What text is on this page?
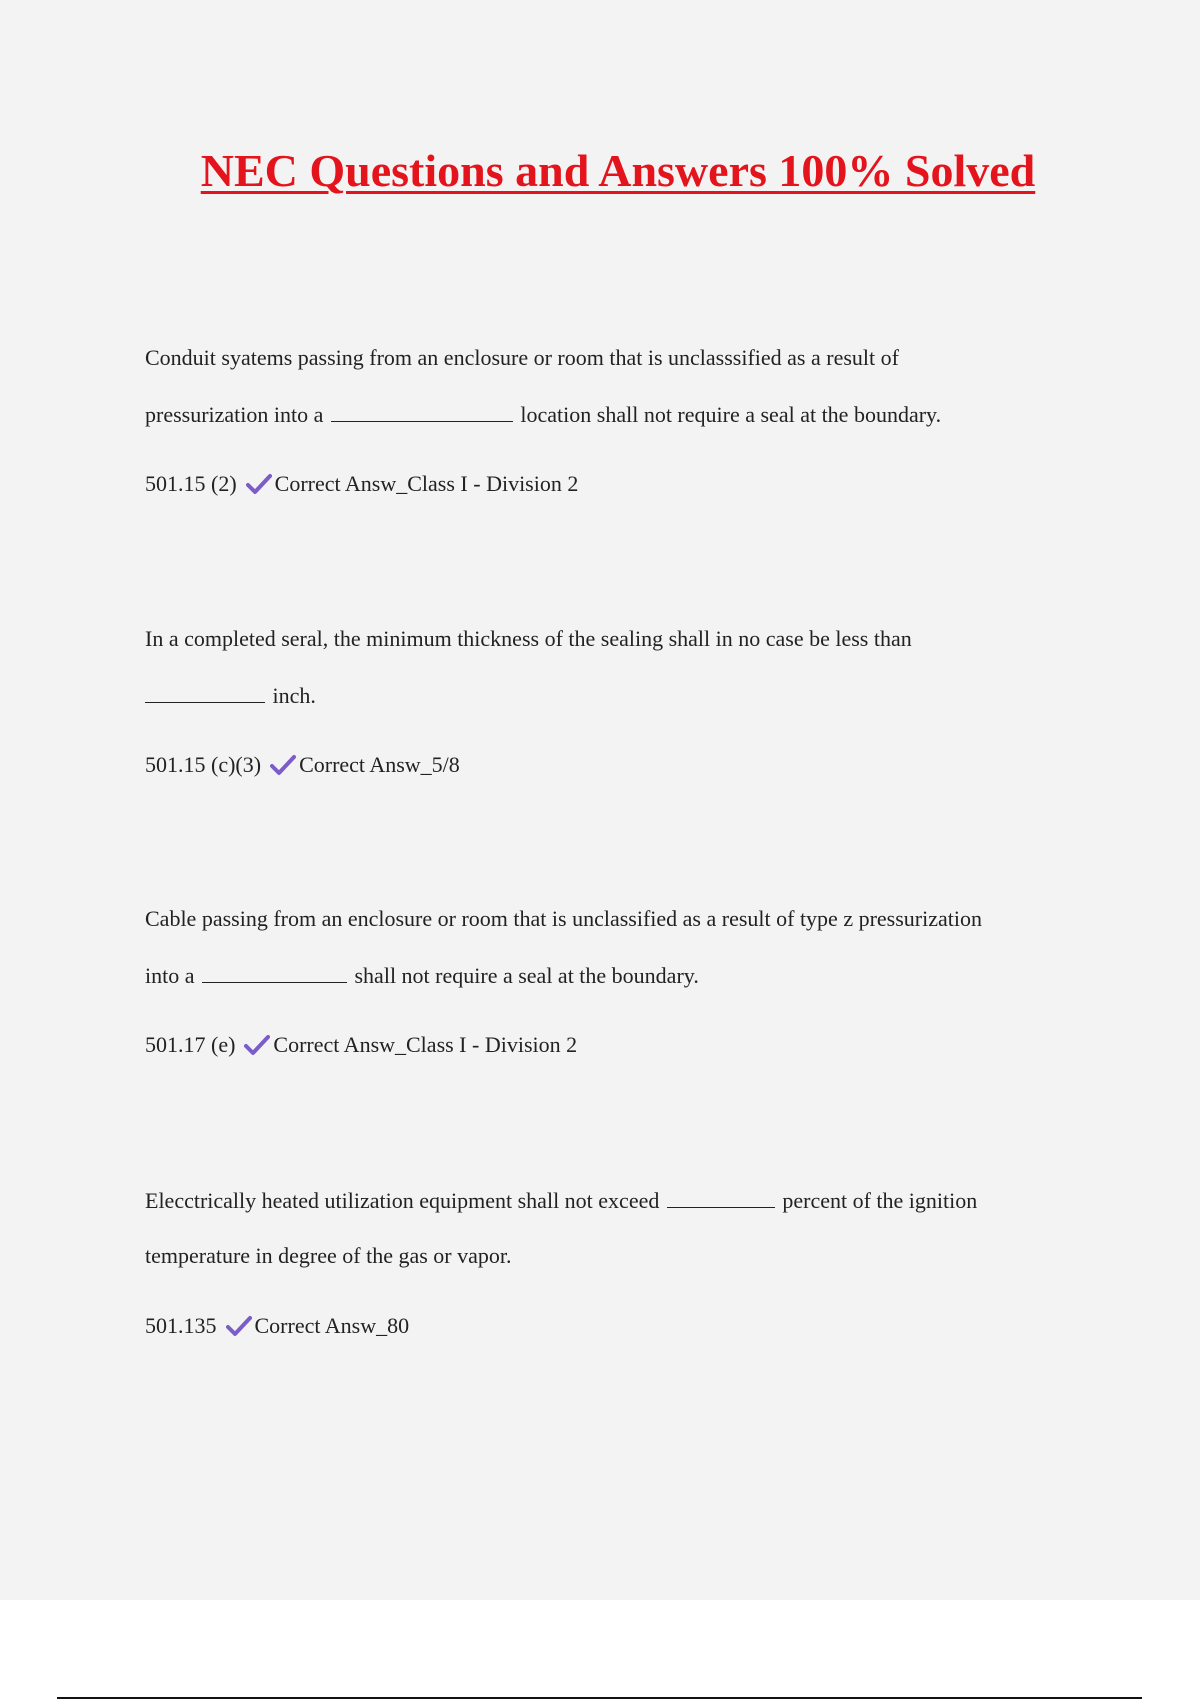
NEC Questions and Answers 100% Solved

Conduit syatems passing from an enclosure or room that is unclasssified as a result of

pressurization into a	location shall not require a seal at the boundary.

501.15 (2) Correct Answ_Class I - Division 2

In a completed seral, the minimum thickness of the sealing shall in no case be less than

inch.

501.15 (c)(3) Correct Answ_5/8

Cable passing from an enclosure or room that is unclassified as a result of type z pressurization

into a	shall not require a seal at the boundary.

501.17 (e) Correct Answ_Class I - Division 2

Elecctrically heated utilization equipment shall not exceed	percent of the ignition

temperature in degree of the gas or vapor.

501.135 Correct Answ_80
